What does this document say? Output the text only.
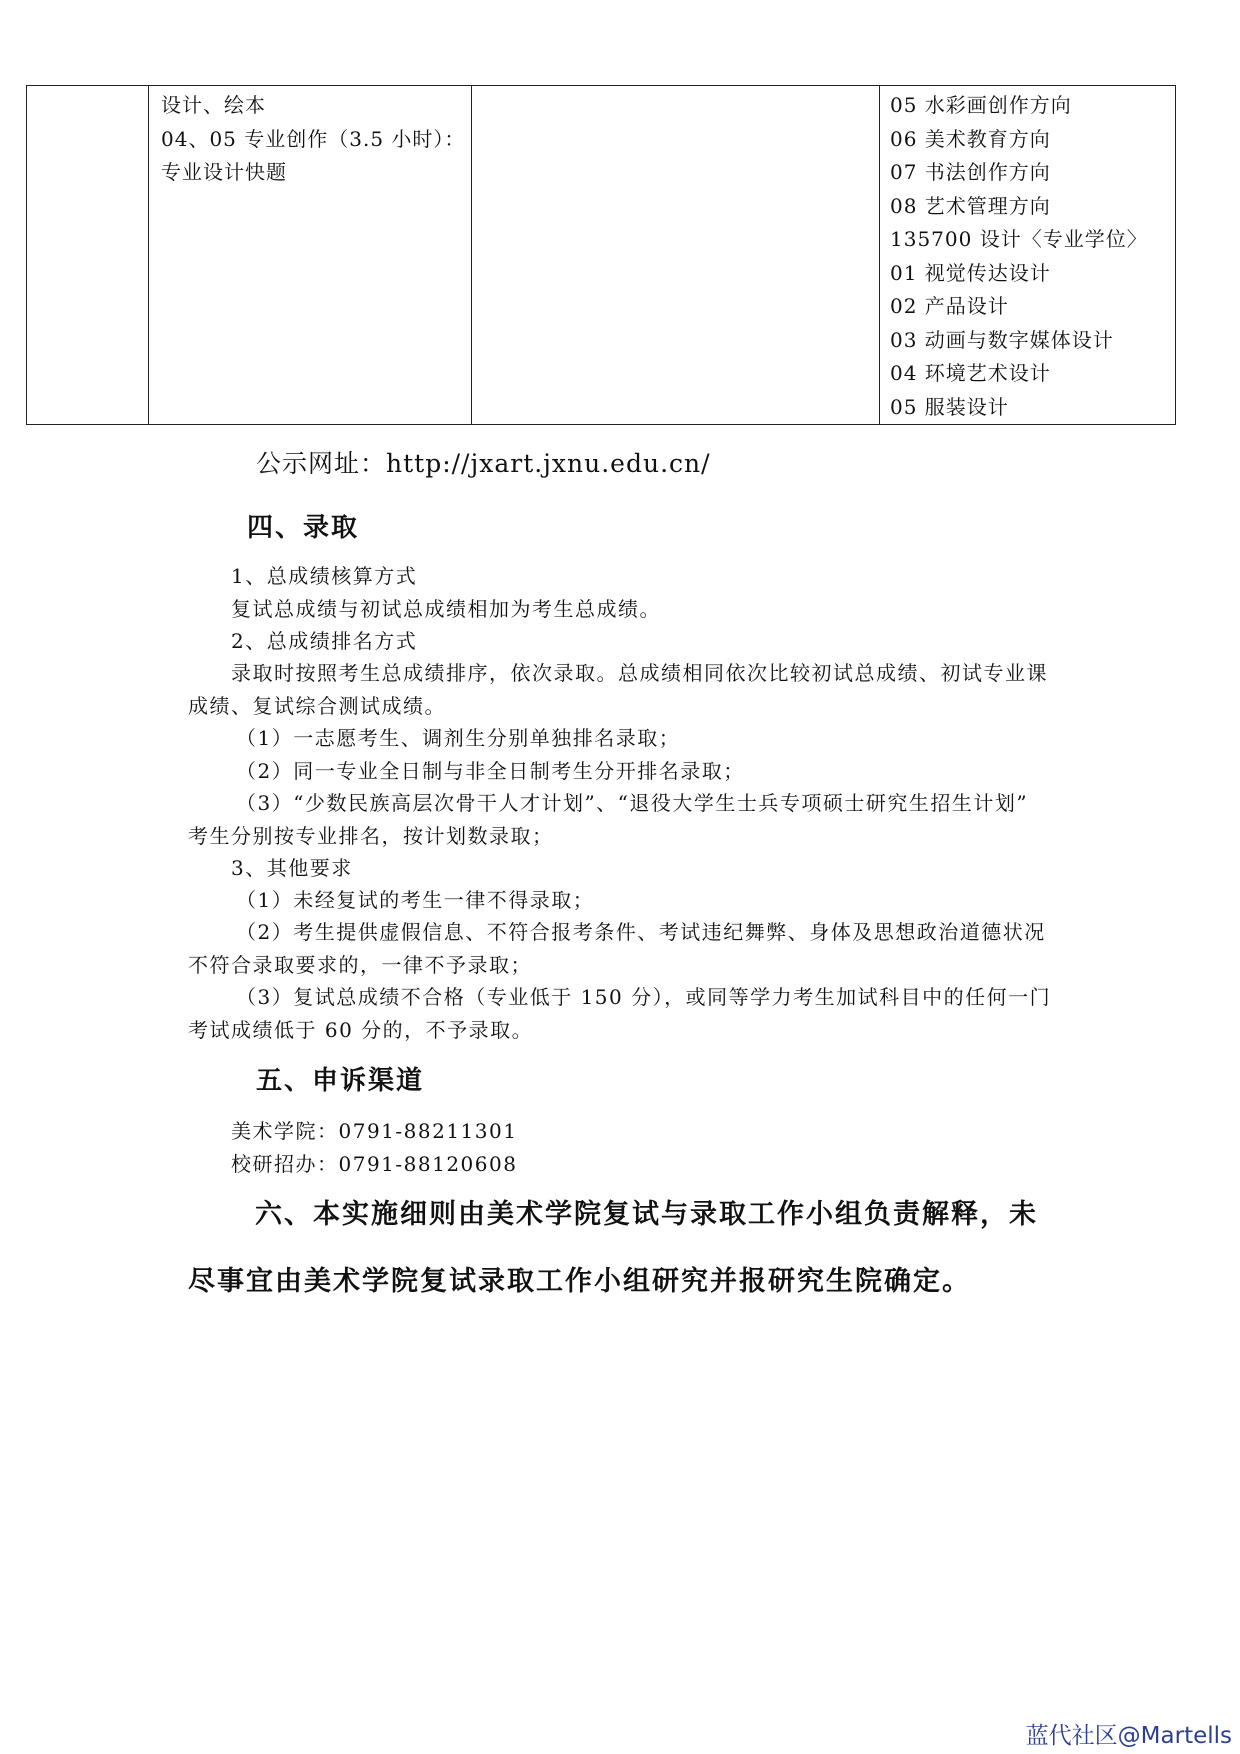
设计、绘本
04、05 专业创作（3.5 小时）：
专业设计快题
05 水彩画创作方向
06 美术教育方向
07 书法创作方向
08 艺术管理方向
135700 设计〈专业学位〉
01 视觉传达设计
02 产品设计
03 动画与数字媒体设计
04 环境艺术设计
05 服装设计
公示网址：http://jxart.jxnu.edu.cn/
四、录取
1、总成绩核算方式
复试总成绩与初试总成绩相加为考生总成绩。
2、总成绩排名方式
录取时按照考生总成绩排序，依次录取。总成绩相同依次比较初试总成绩、初试专业课
成绩、复试综合测试成绩。
（1）一志愿考生、调剂生分别单独排名录取；
（2）同一专业全日制与非全日制考生分开排名录取；
（3）“少数民族高层次骨干人才计划”、“退役大学生士兵专项硕士研究生招生计划”
考生分别按专业排名，按计划数录取；
3、其他要求
（1）未经复试的考生一律不得录取；
（2）考生提供虚假信息、不符合报考条件、考试违纪舞弊、身体及思想政治道德状况
不符合录取要求的，一律不予录取；
（3）复试总成绩不合格（专业低于 150 分），或同等学力考生加试科目中的任何一门
考试成绩低于 60 分的，不予录取。
五、申诉渠道
美术学院：0791-88211301
校研招办：0791-88120608
六、本实施细则由美术学院复试与录取工作小组负责解释，未
尽事宜由美术学院复试录取工作小组研究并报研究生院确定。
蓝代社区@Martells
